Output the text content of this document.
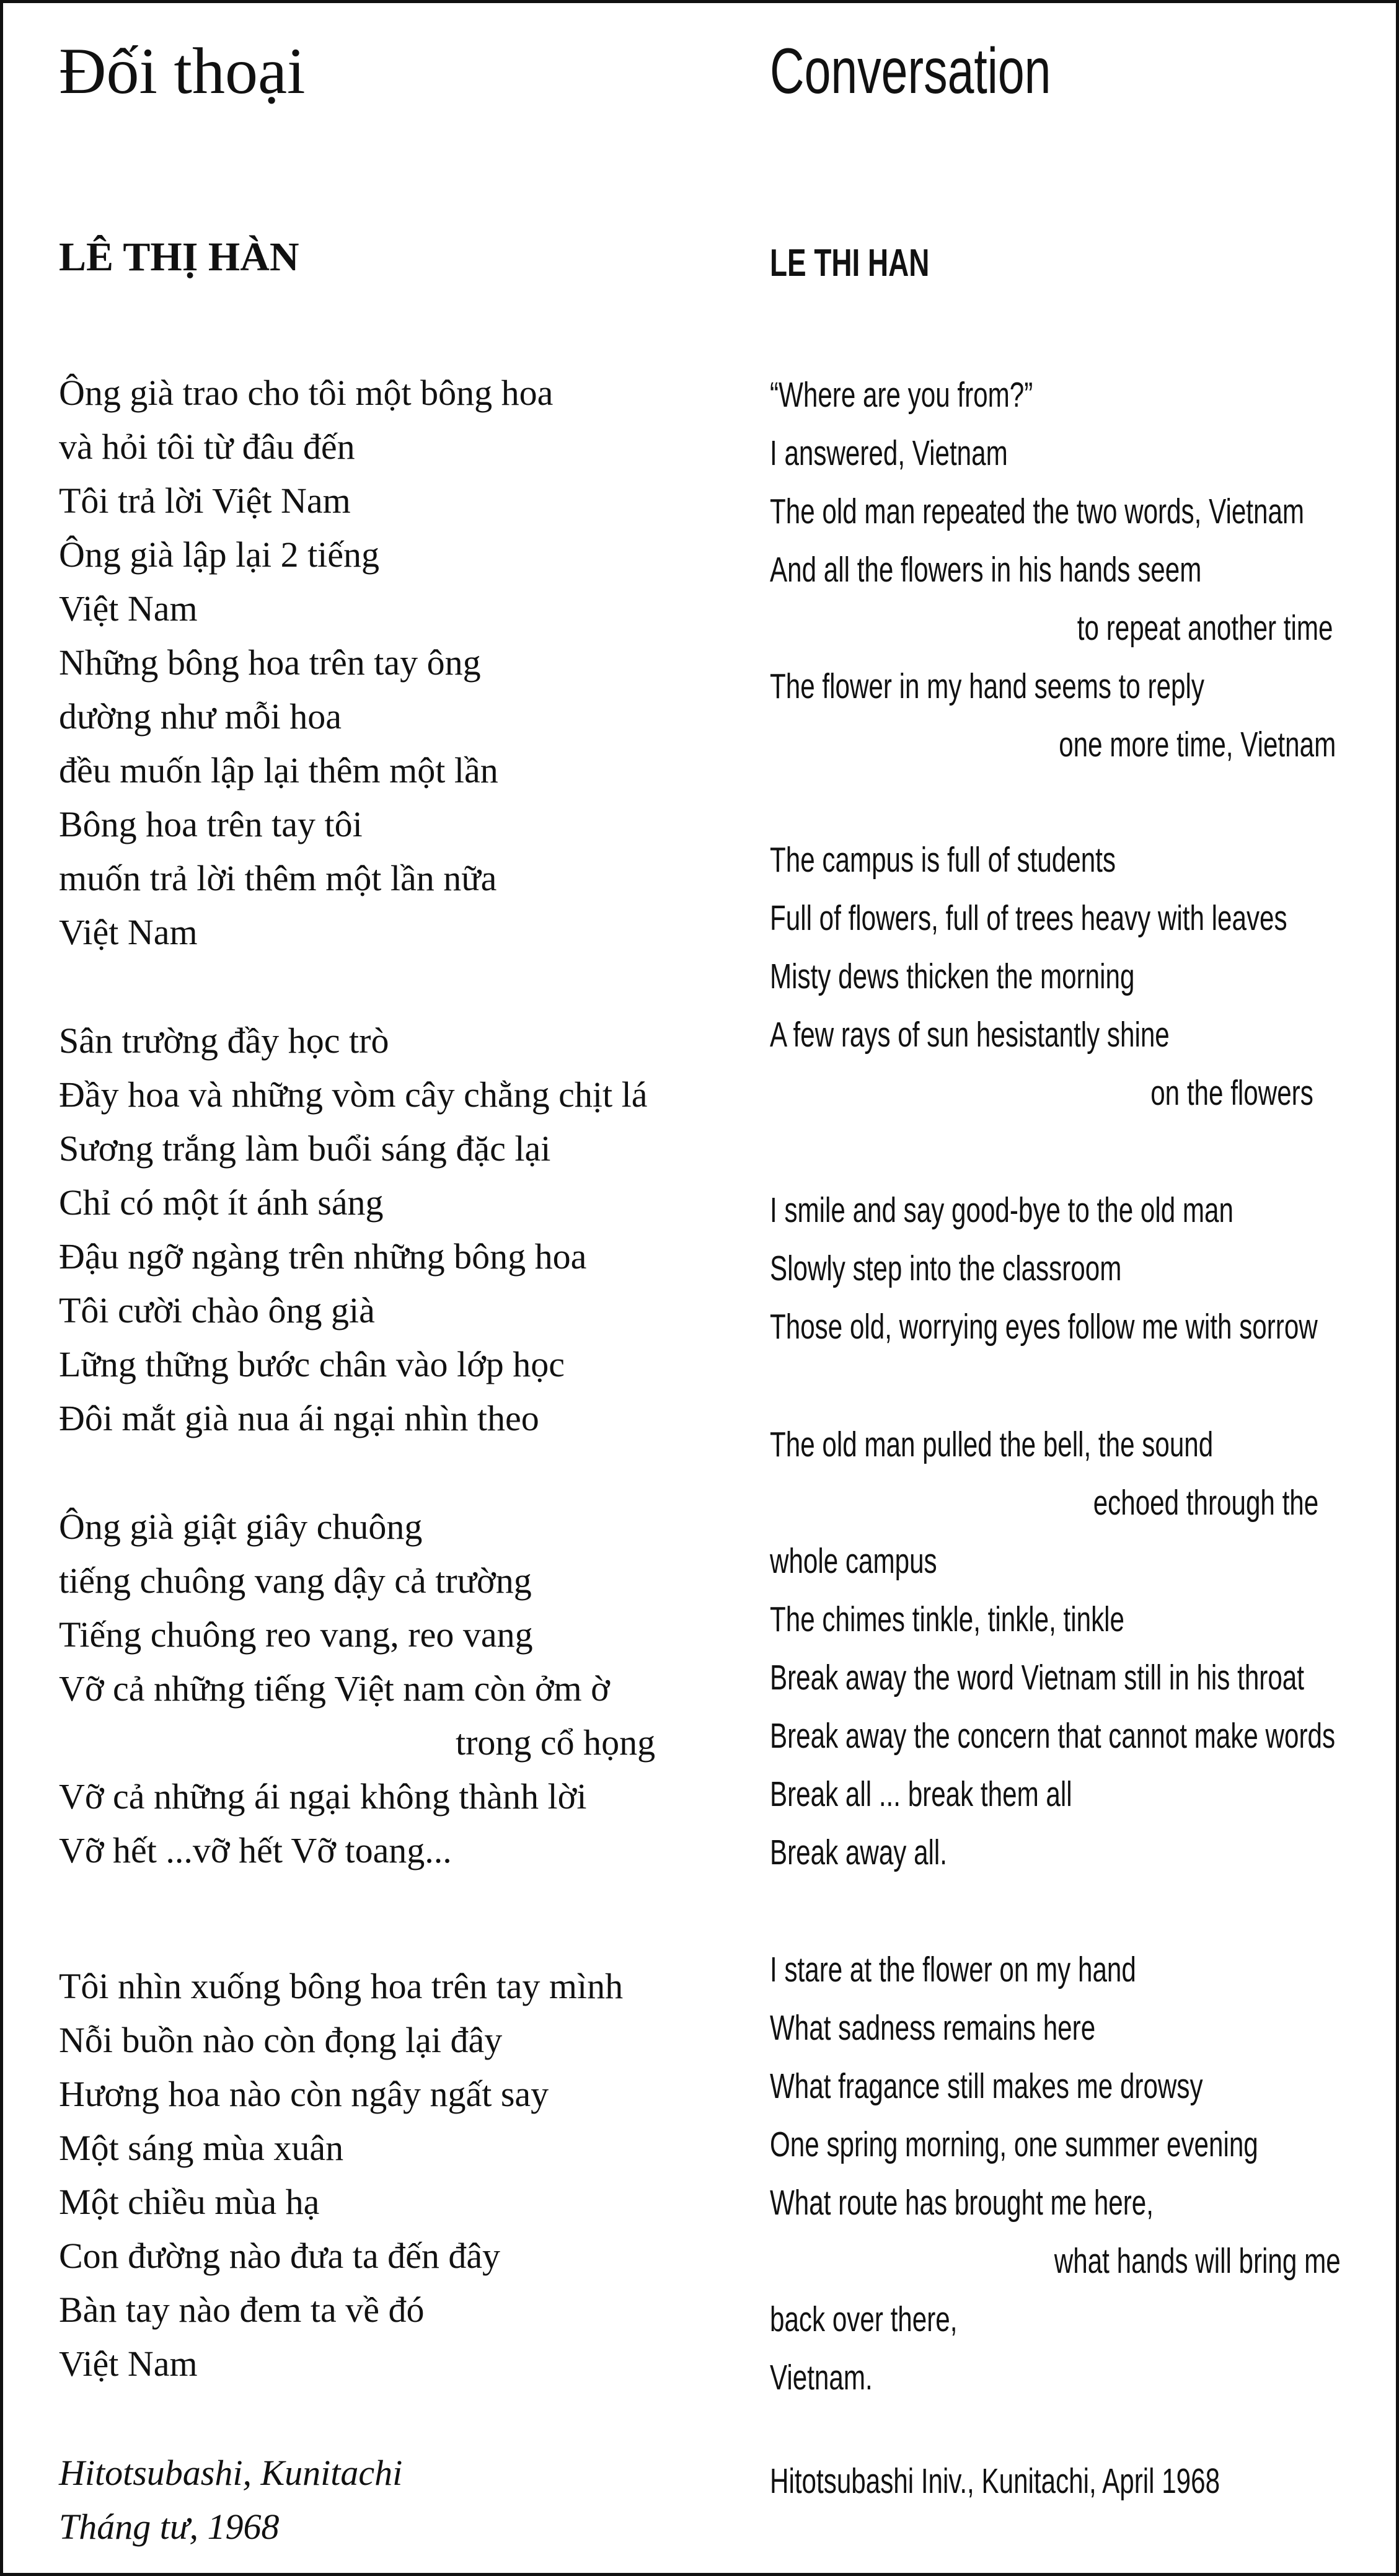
Đối thoại
LÊ THỊ HÀN
Ông già trao cho tôi một bông hoa
và hỏi tôi từ đâu đến
Tôi trả lời Việt Nam
Ông già lập lại 2 tiếng
Việt Nam
Những bông hoa trên tay ông
dường như mỗi hoa
đều muốn lập lại thêm một lần
Bông hoa trên tay tôi
muốn trả lời thêm một lần nữa
Việt Nam
Sân trường đầy học trò
Đầy hoa và những vòm cây chằng chịt lá
Sương trắng làm buổi sáng đặc lại
Chỉ có một ít ánh sáng
Đậu ngỡ ngàng trên những bông hoa
Tôi cười chào ông già
Lững thững bước chân vào lớp học
Đôi mắt già nua ái ngại nhìn theo
Ông già giật giây chuông
tiếng chuông vang dậy cả trường
Tiếng chuông reo vang, reo vang
Vỡ cả những tiếng Việt nam còn ởm ờ
trong cổ họng
Vỡ cả những ái ngại không thành lời
Vỡ hết ...vỡ hết Vỡ toang...
Tôi nhìn xuống bông hoa trên tay mình
Nỗi buồn nào còn đọng lại đây
Hương hoa nào còn ngây ngất say
Một sáng mùa xuân
Một chiều mùa hạ
Con đường nào đưa ta đến đây
Bàn tay nào đem ta về đó
Việt Nam
Hitotsubashi, Kunitachi
Tháng tư, 1968
Conversation
LE THI HAN
“Where are you from?”
I answered, Vietnam
The old man repeated the two words, Vietnam
And all the flowers in his hands seem
to repeat another time
The flower in my hand seems to reply
one more time, Vietnam
The campus is full of students
Full of flowers, full of trees heavy with leaves
Misty dews thicken the morning
A few rays of sun hesistantly shine
on the flowers
I smile and say good-bye to the old man
Slowly step into the classroom
Those old, worrying eyes follow me with sorrow
The old man pulled the bell, the sound
echoed through the
whole campus
The chimes tinkle, tinkle, tinkle
Break away the word Vietnam still in his throat
Break away the concern that cannot make words
Break all ... break them all
Break away all.
I stare at the flower on my hand
What sadness remains here
What fragance still makes me drowsy
One spring morning, one summer evening
What route has brought me here,
what hands will bring me
back over there,
Vietnam.
Hitotsubashi Iniv., Kunitachi, April 1968
